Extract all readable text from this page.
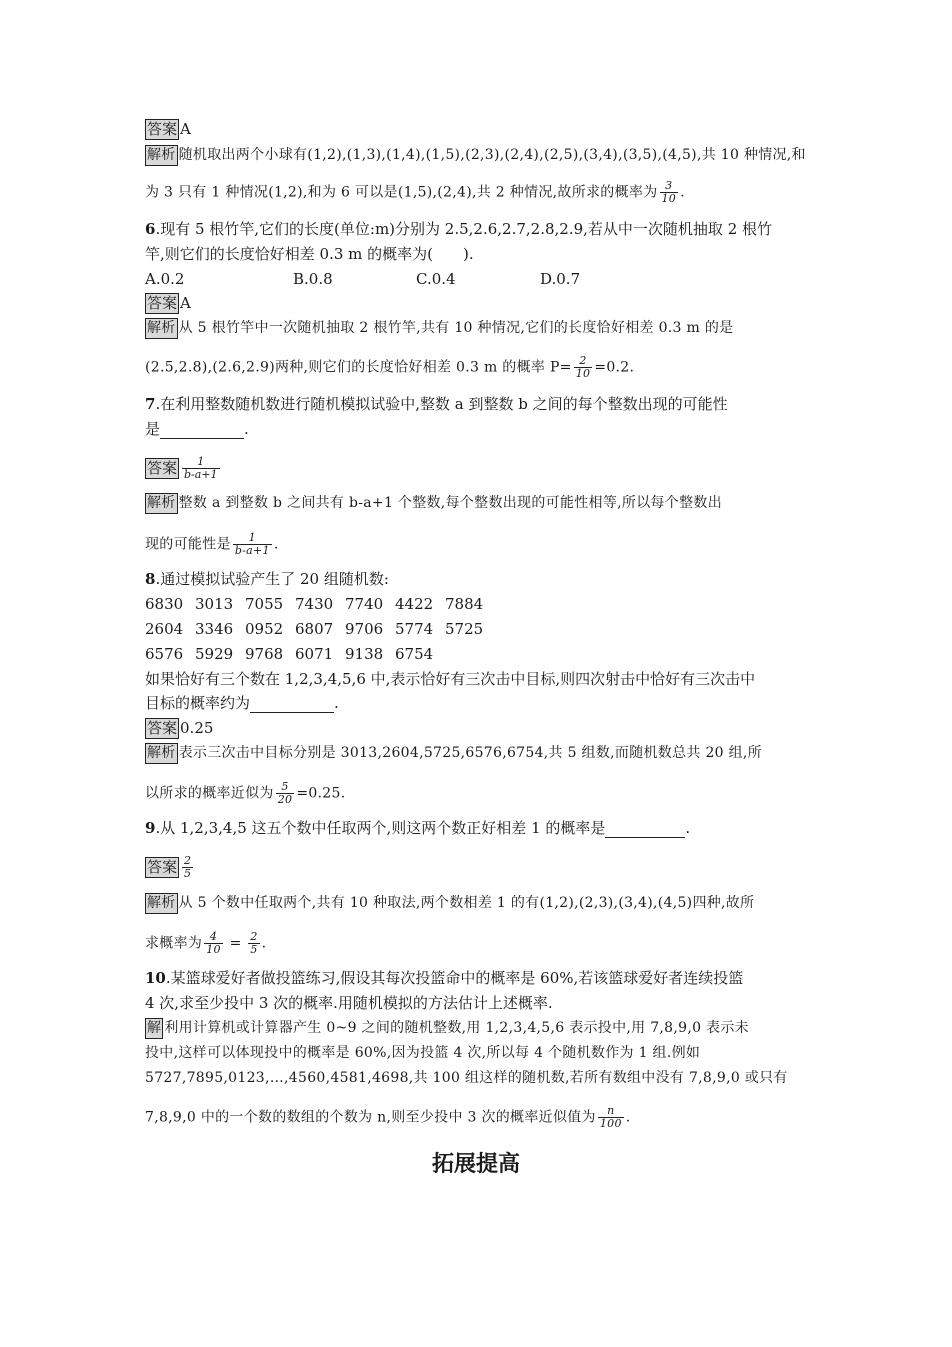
答案 A
解析 随机取出两个小球有(1,2),(1,3),(1,4),(1,5),(2,3),(2,4),(2,5),(3,4),(3,5),(4,5),共 10 种情况,和
为 3 只有 1 种情况(1,2),和为 6 可以是(1,5),(2,4),共 2 种情况,故所求的概率为 $\frac{3}{10}$ .
6.现有 5 根竹竿,它们的长度(单位:m)分别为 2.5,2.6,2.7,2.8,2.9,若从中一次随机抽取 2 根竹
竿,则它们的长度恰好相差 0.3 m 的概率为(　　).
A.0.2	B.0.8	C.0.4	D.0.7
答案 A
解析 从 5 根竹竿中一次随机抽取 2 根竹竿,共有 10 种情况,它们的长度恰好相差 0.3 m 的是
(2.5,2.8),(2.6,2.9)两种,则它们的长度恰好相差 0.3 m 的概率 $P= \frac{2}{10} =0.2$.
7.在利用整数随机数进行随机模拟试验中,整数 a 到整数 b 之间的每个整数出现的可能性
是	.
答案 $\frac{1}{b-a+1}$
解析 整数 a 到整数 b 之间共有 b-a+1 个整数,每个整数出现的可能性相等,所以每个整数出
现的可能性是 $\frac{1}{b-a+1}$ .
8.通过模拟试验产生了 20 组随机数:
6830 3013 7055 7430 7740 4422 7884
2604 3346 0952 6807 9706 5774 5725
6576 5929 9768 6071 9138 6754
如果恰好有三个数在 1,2,3,4,5,6 中,表示恰好有三次击中目标,则四次射击中恰好有三次击中
目标的概率约为	.
答案 0.25
解析 表示三次击中目标分别是 3013,2604,5725,6576,6754,共 5 组数,而随机数总共 20 组,所
以所求的概率近似为 $\frac{5}{20} =0.25$.
9.从 1,2,3,4,5 这五个数中任取两个,则这两个数正好相差 1 的概率是	.
答案 $\frac{2}{5}$
解析 从 5 个数中任取两个,共有 10 种取法,两个数相差 1 的有(1,2),(2,3),(3,4),(4,5)四种,故所
求概率为 $\frac{4}{10} = \frac{2}{5}$ .
10.某篮球爱好者做投篮练习,假设其每次投篮命中的概率是 60%,若该篮球爱好者连续投篮
4 次,求至少投中 3 次的概率.用随机模拟的方法估计上述概率.
解 利用计算机或计算器产生 0~9 之间的随机整数,用 1,2,3,4,5,6 表示投中,用 7,8,9,0 表示未
投中,这样可以体现投中的概率是 60%,因为投篮 4 次,所以每 4 个随机数作为 1 组.例如
5727,7895,0123,…,4560,4581,4698,共 100 组这样的随机数,若所有数组中没有 7,8,9,0 或只有
7,8,9,0 中的一个数的数组的个数为 n,则至少投中 3 次的概率近似值为 $\frac{n}{100}$ .
拓展提高
